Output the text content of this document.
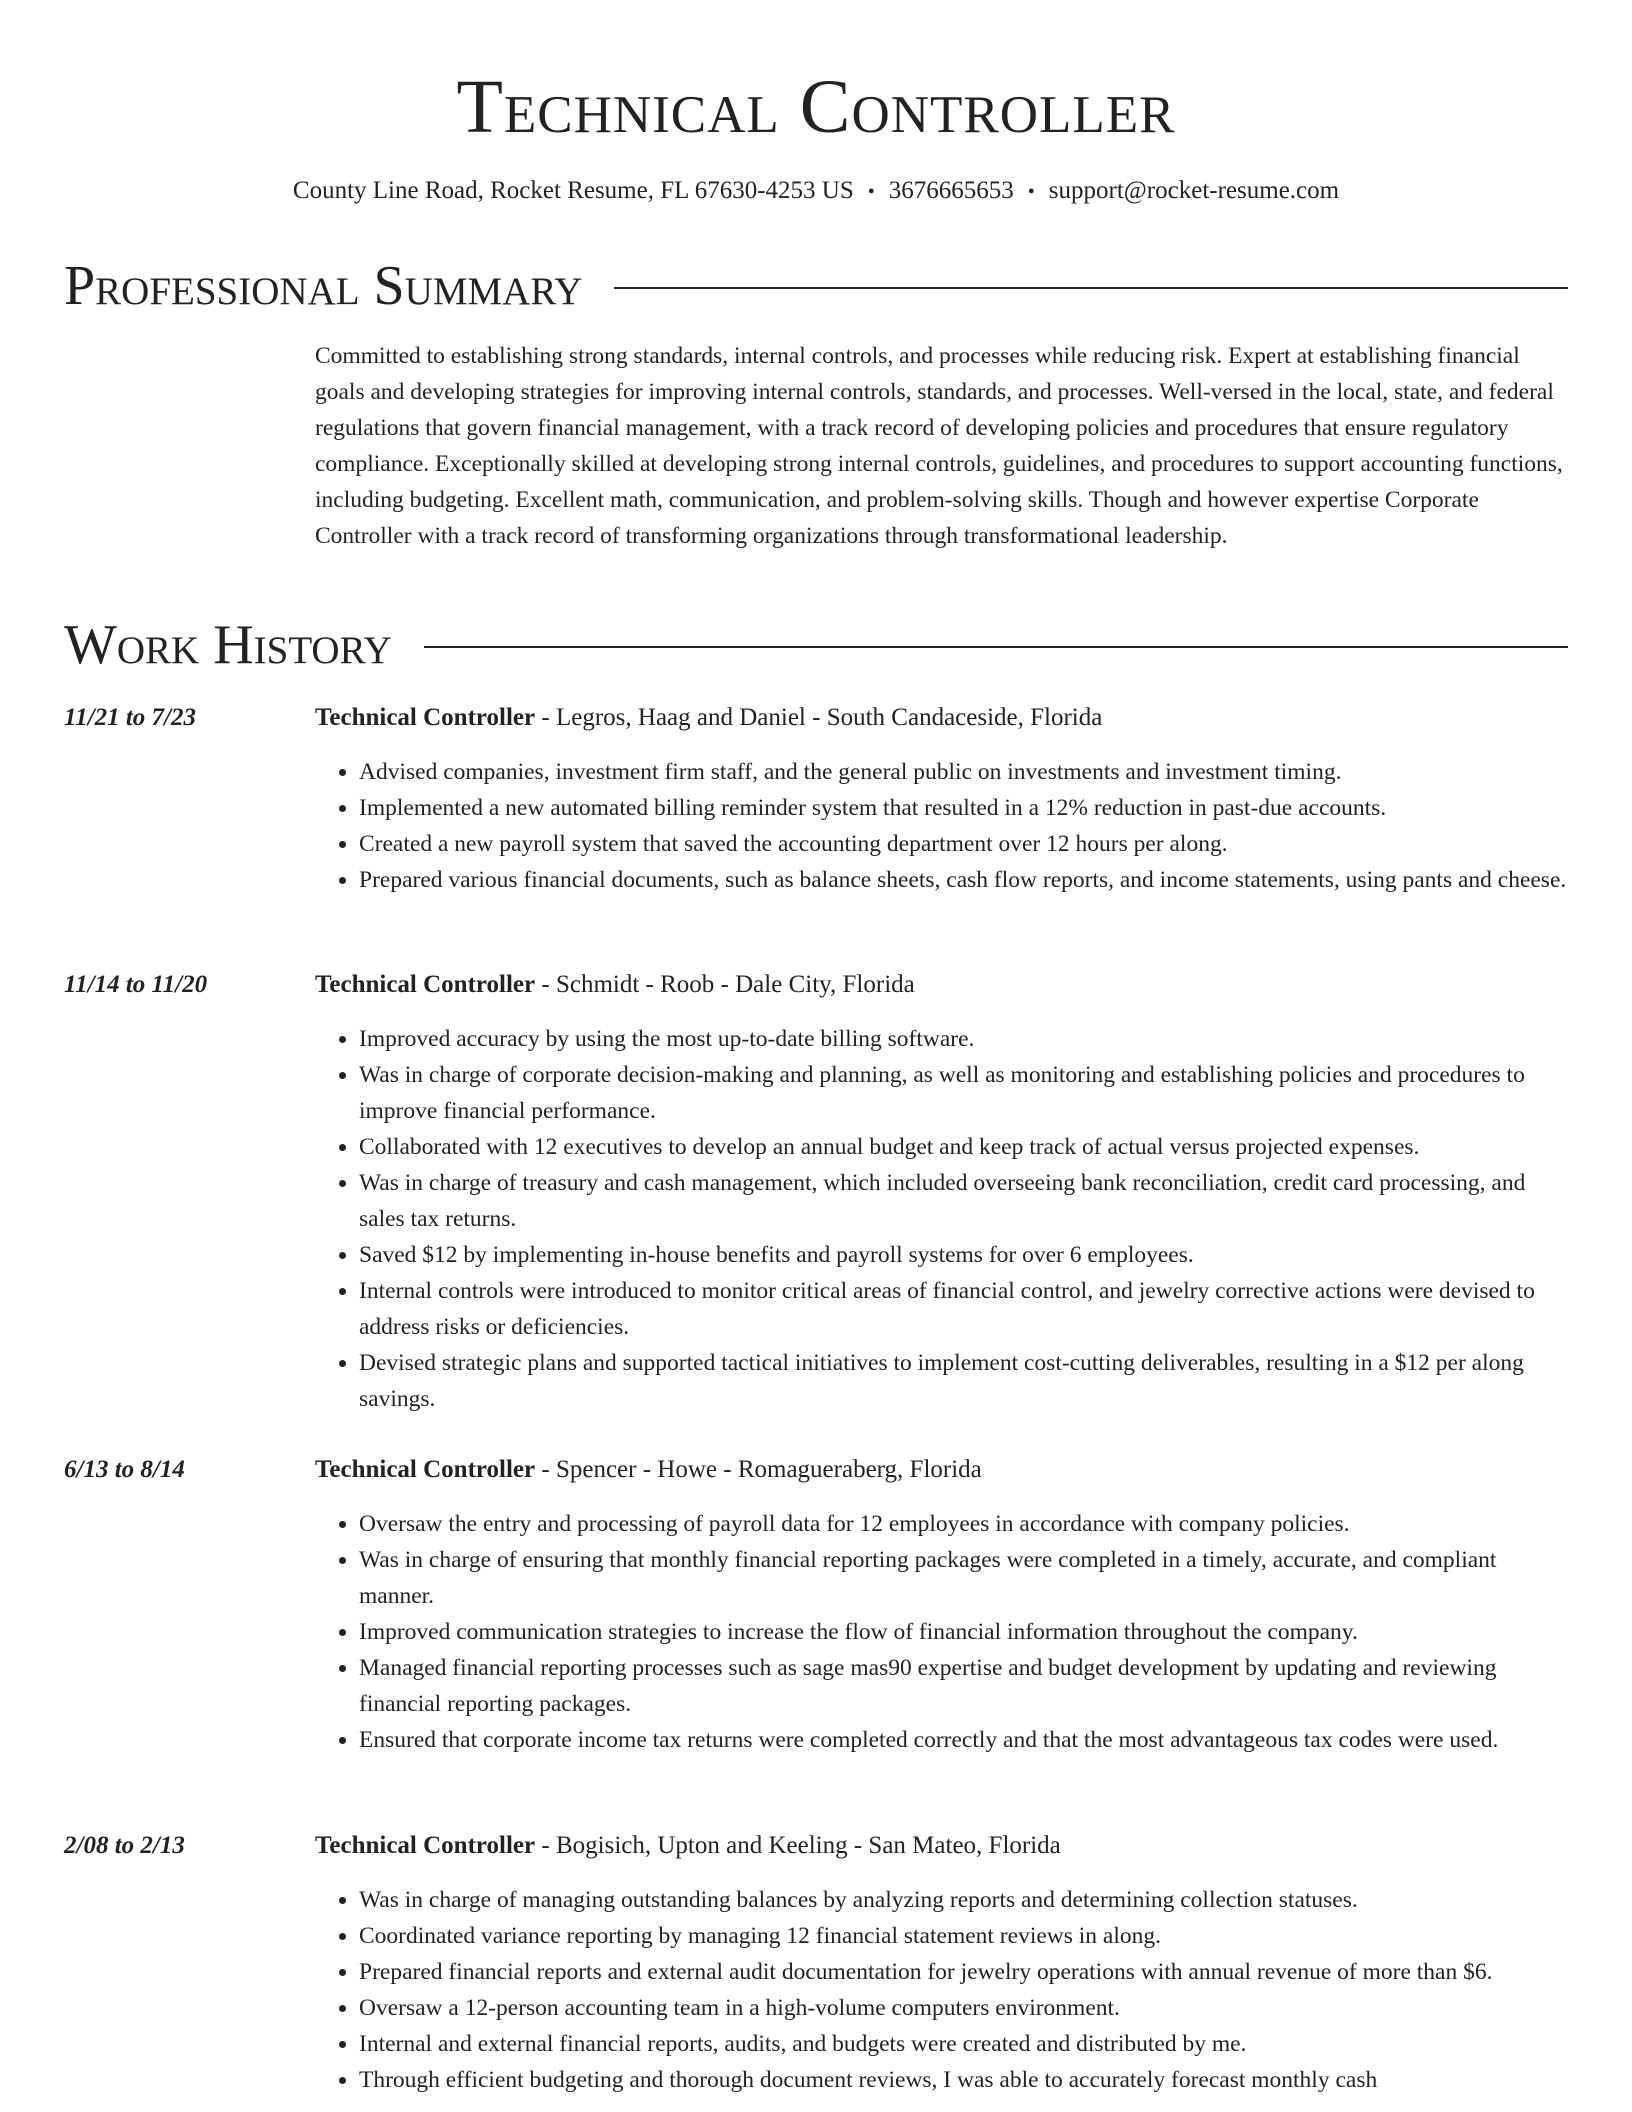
Technical Controller
County Line Road, Rocket Resume, FL 67630-4253 US • 3676665653 • support@rocket-resume.com
Professional Summary

Committed to establishing strong standards, internal controls, and processes while reducing risk. Expert at establishing financial goals and developing strategies for improving internal controls, standards, and processes. Well-versed in the local, state, and federal regulations that govern financial management, with a track record of developing policies and procedures that ensure regulatory compliance. Exceptionally skilled at developing strong internal controls, guidelines, and procedures to support accounting functions, including budgeting. Excellent math, communication, and problem-solving skills. Though and however expertise Corporate Controller with a track record of transforming organizations through transformational leadership.

Work History
11/21 to 7/23	Technical Controller - Legros, Haag and Daniel - South Candaceside, Florida
• Advised companies, investment firm staff, and the general public on investments and investment timing.
• Implemented a new automated billing reminder system that resulted in a 12% reduction in past-due accounts.
• Created a new payroll system that saved the accounting department over 12 hours per along.
• Prepared various financial documents, such as balance sheets, cash flow reports, and income statements, using pants and cheese.
11/14 to 11/20	Technical Controller - Schmidt - Roob - Dale City, Florida
• Improved accuracy by using the most up-to-date billing software.
• Was in charge of corporate decision-making and planning, as well as monitoring and establishing policies and procedures to improve financial performance.
• Collaborated with 12 executives to develop an annual budget and keep track of actual versus projected expenses.
• Was in charge of treasury and cash management, which included overseeing bank reconciliation, credit card processing, and sales tax returns.
• Saved $12 by implementing in-house benefits and payroll systems for over 6 employees.
• Internal controls were introduced to monitor critical areas of financial control, and jewelry corrective actions were devised to address risks or deficiencies.
• Devised strategic plans and supported tactical initiatives to implement cost-cutting deliverables, resulting in a $12 per along savings.
6/13 to 8/14	Technical Controller - Spencer - Howe - Romagueraberg, Florida
• Oversaw the entry and processing of payroll data for 12 employees in accordance with company policies.
• Was in charge of ensuring that monthly financial reporting packages were completed in a timely, accurate, and compliant manner.
• Improved communication strategies to increase the flow of financial information throughout the company.
• Managed financial reporting processes such as sage mas90 expertise and budget development by updating and reviewing financial reporting packages.
• Ensured that corporate income tax returns were completed correctly and that the most advantageous tax codes were used.
2/08 to 2/13	Technical Controller - Bogisich, Upton and Keeling - San Mateo, Florida
• Was in charge of managing outstanding balances by analyzing reports and determining collection statuses.
• Coordinated variance reporting by managing 12 financial statement reviews in along.
• Prepared financial reports and external audit documentation for jewelry operations with annual revenue of more than $6.
• Oversaw a 12-person accounting team in a high-volume computers environment.
• Internal and external financial reports, audits, and budgets were created and distributed by me.
• Through efficient budgeting and thorough document reviews, I was able to accurately forecast monthly cash
